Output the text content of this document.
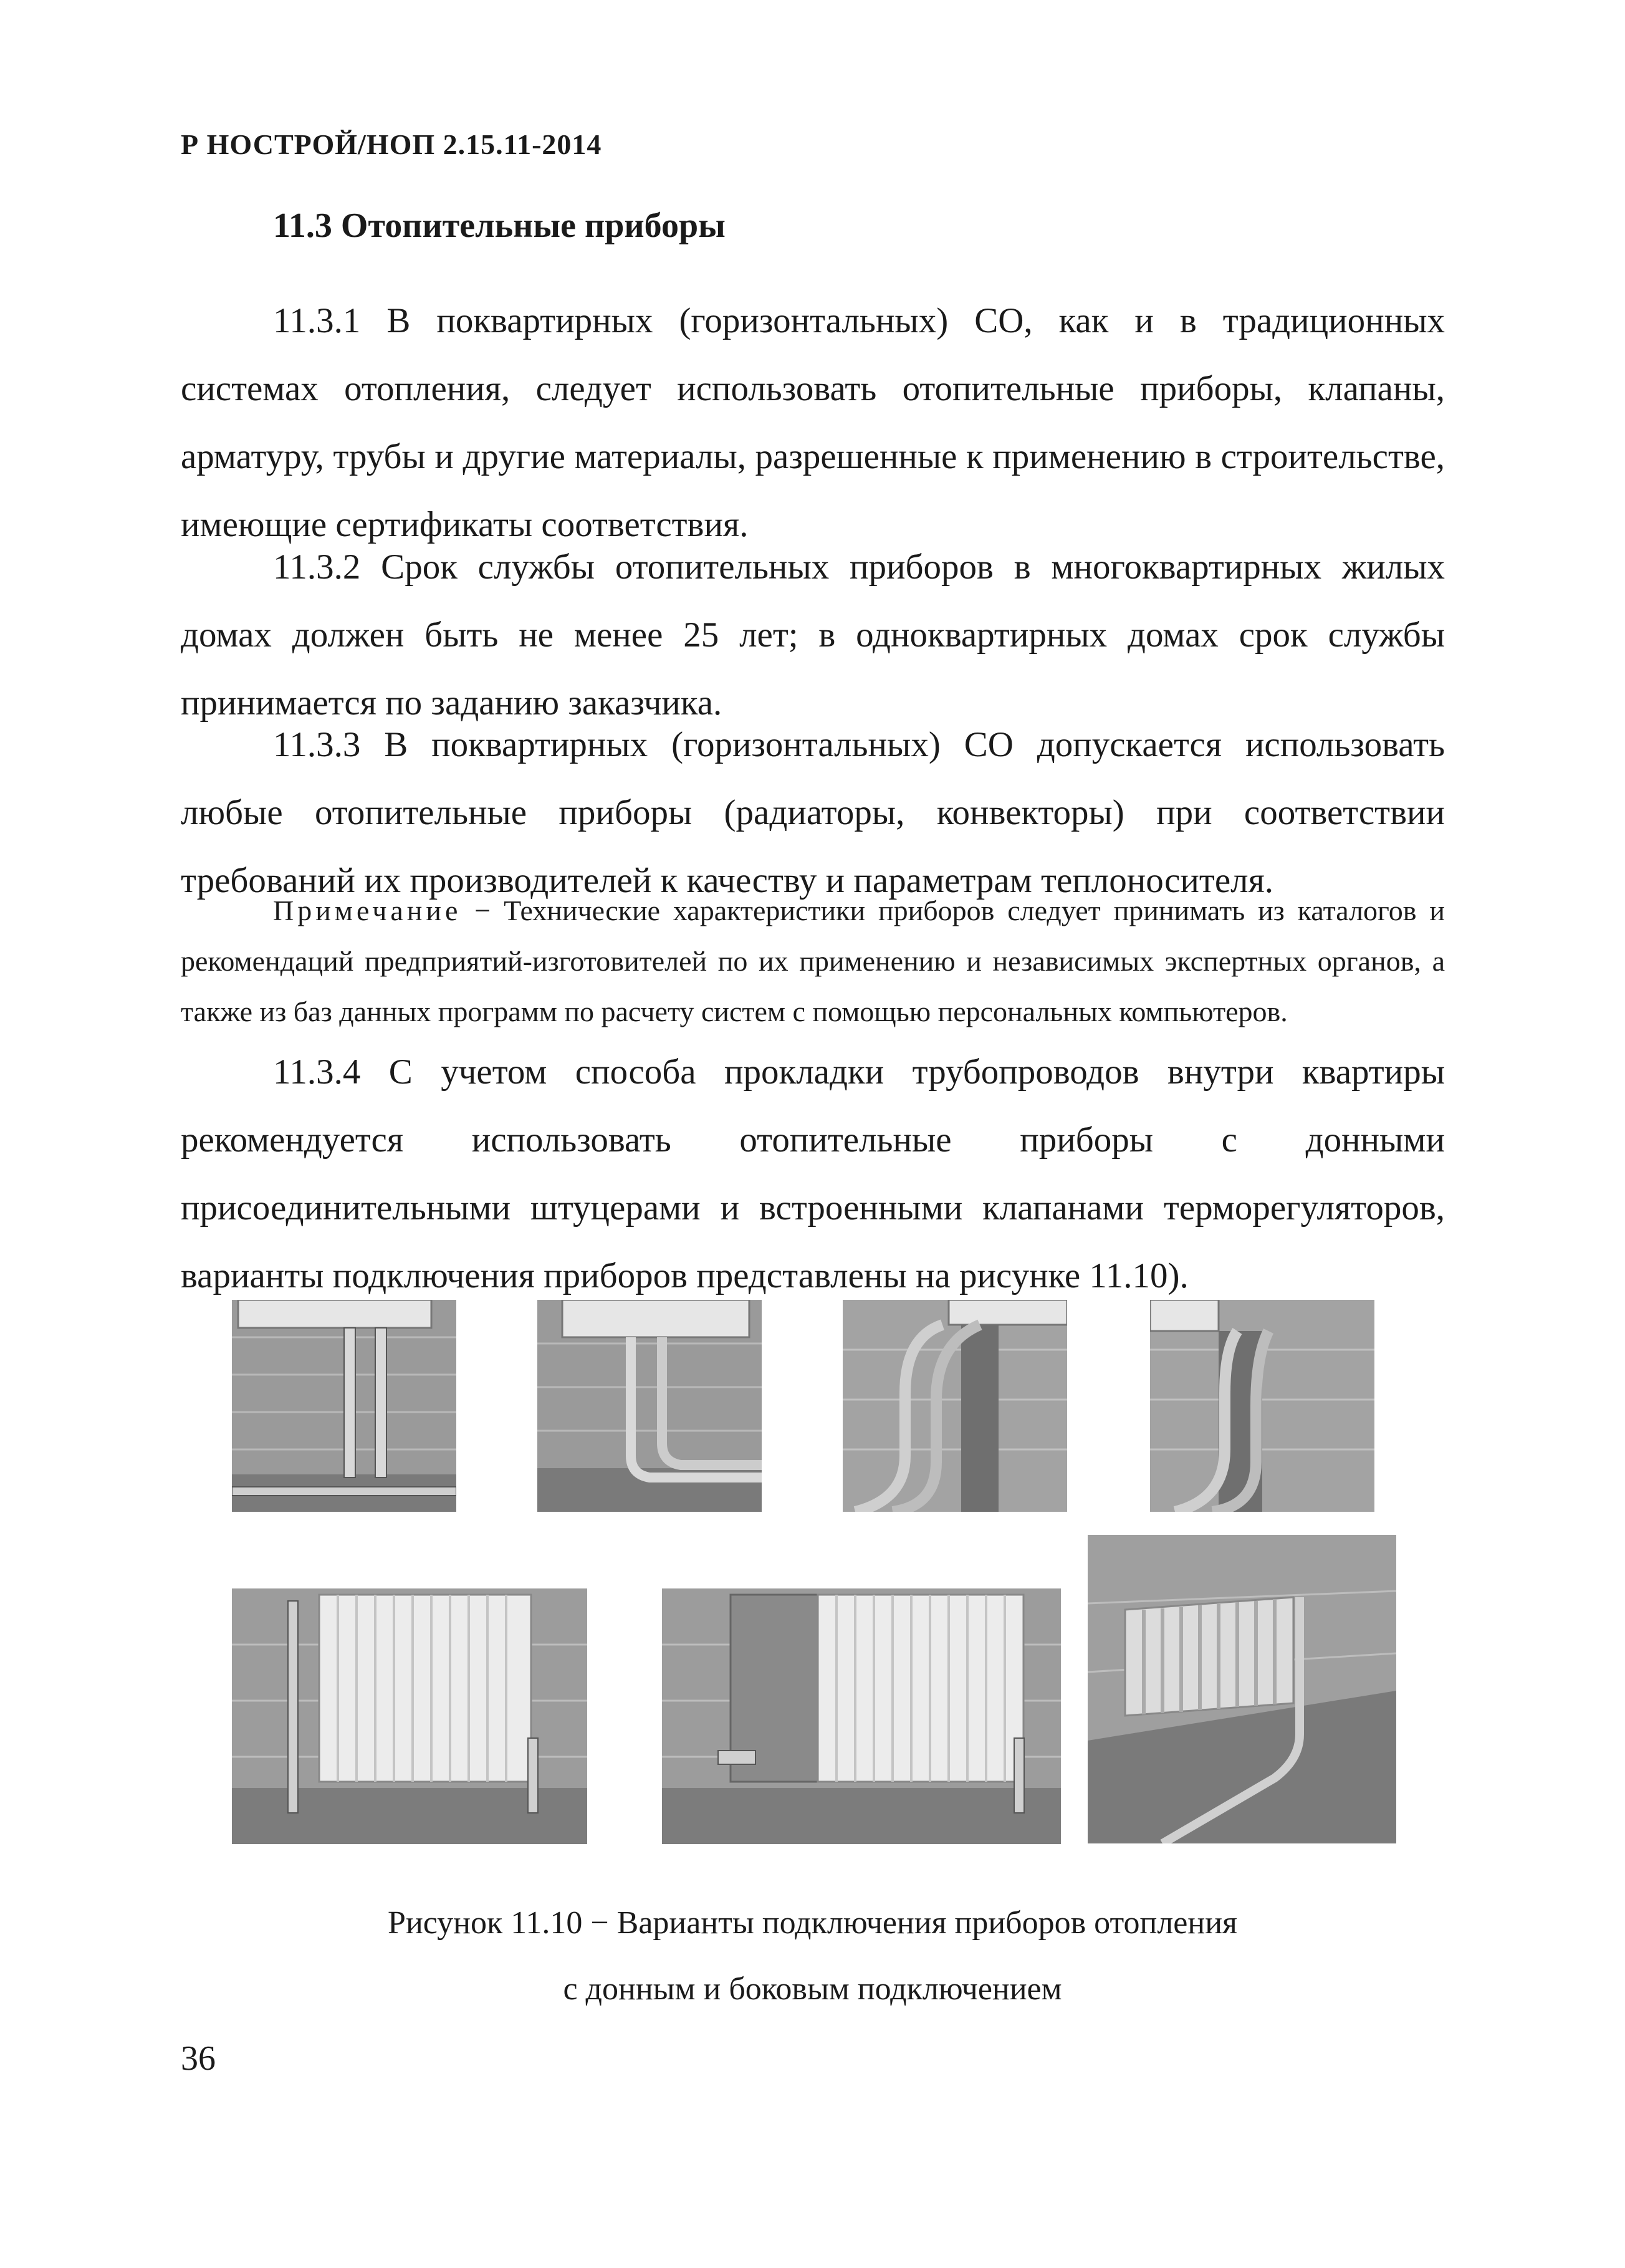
Р НОСТРОЙ/НОП 2.15.11-2014
11.3 Отопительные приборы
11.3.1 В поквартирных (горизонтальных) СО, как и в традиционных системах отопления, следует использовать отопительные приборы, клапаны, арматуру, трубы и другие материалы, разрешенные к применению в строительстве, имеющие сертификаты соответствия.
11.3.2 Срок службы отопительных приборов в многоквартирных жилых домах должен быть не менее 25 лет; в одноквартирных домах срок службы принимается по заданию заказчика.
11.3.3 В поквартирных (горизонтальных) СО допускается использовать любые отопительные приборы (радиаторы, конвекторы) при соответствии требований их производителей к качеству и параметрам теплоносителя.
Примечание − Технические характеристики приборов следует принимать из каталогов и рекомендаций предприятий-изготовителей по их применению и независимых экспертных органов, а также из баз данных программ по расчету систем с помощью персональных компьютеров.
11.3.4 С учетом способа прокладки трубопроводов внутри квартиры рекомендуется использовать отопительные приборы с донными присоединительными штуцерами и встроенными клапанами терморегуляторов, варианты подключения приборов представлены на рисунке 11.10).
Рисунок 11.10 − Варианты подключения приборов отопления
с донным и боковым подключением
36
